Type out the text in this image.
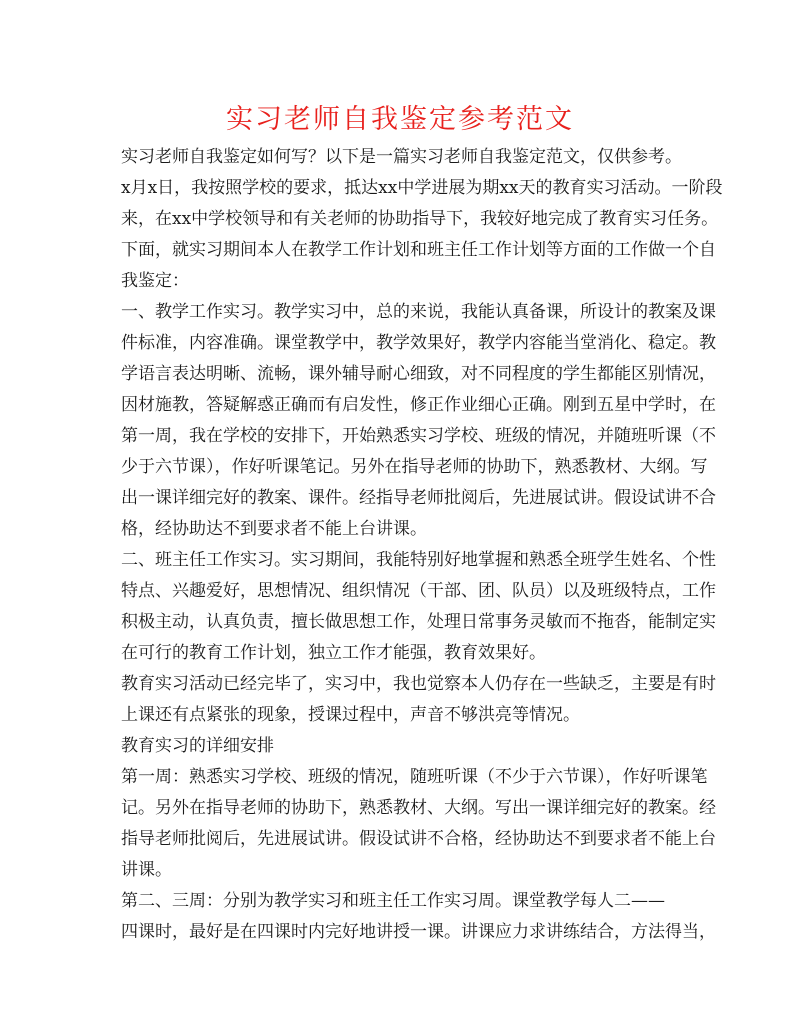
实习老师自我鉴定参考范文
实习老师自我鉴定如何写？以下是一篇实习老师自我鉴定范文，仅供参考。
x月x日，我按照学校的要求，抵达xx中学进展为期xx天的教育实习活动。一阶段
来，在xx中学校领导和有关老师的协助指导下，我较好地完成了教育实习任务。
下面，就实习期间本人在教学工作计划和班主任工作计划等方面的工作做一个自
我鉴定：
一、教学工作实习。教学实习中，总的来说，我能认真备课，所设计的教案及课
件标准，内容准确。课堂教学中，教学效果好，教学内容能当堂消化、稳定。教
学语言表达明晰、流畅，课外辅导耐心细致，对不同程度的学生都能区别情况，
因材施教，答疑解惑正确而有启发性，修正作业细心正确。刚到五星中学时，在
第一周，我在学校的安排下，开始熟悉实习学校、班级的情况，并随班听课（不
少于六节课），作好听课笔记。另外在指导老师的协助下，熟悉教材、大纲。写
出一课详细完好的教案、课件。经指导老师批阅后，先进展试讲。假设试讲不合
格，经协助达不到要求者不能上台讲课。
二、班主任工作实习。实习期间，我能特别好地掌握和熟悉全班学生姓名、个性
特点、兴趣爱好，思想情况、组织情况（干部、团、队员）以及班级特点，工作
积极主动，认真负责，擅长做思想工作，处理日常事务灵敏而不拖沓，能制定实
在可行的教育工作计划，独立工作才能强，教育效果好。
教育实习活动已经完毕了，实习中，我也觉察本人仍存在一些缺乏，主要是有时
上课还有点紧张的现象，授课过程中，声音不够洪亮等情况。
教育实习的详细安排
第一周：熟悉实习学校、班级的情况，随班听课（不少于六节课），作好听课笔
记。另外在指导老师的协助下，熟悉教材、大纲。写出一课详细完好的教案。经
指导老师批阅后，先进展试讲。假设试讲不合格，经协助达不到要求者不能上台
讲课。
第二、三周：分别为教学实习和班主任工作实习周。课堂教学每人二——
四课时，最好是在四课时内完好地讲授一课。讲课应力求讲练结合，方法得当，
